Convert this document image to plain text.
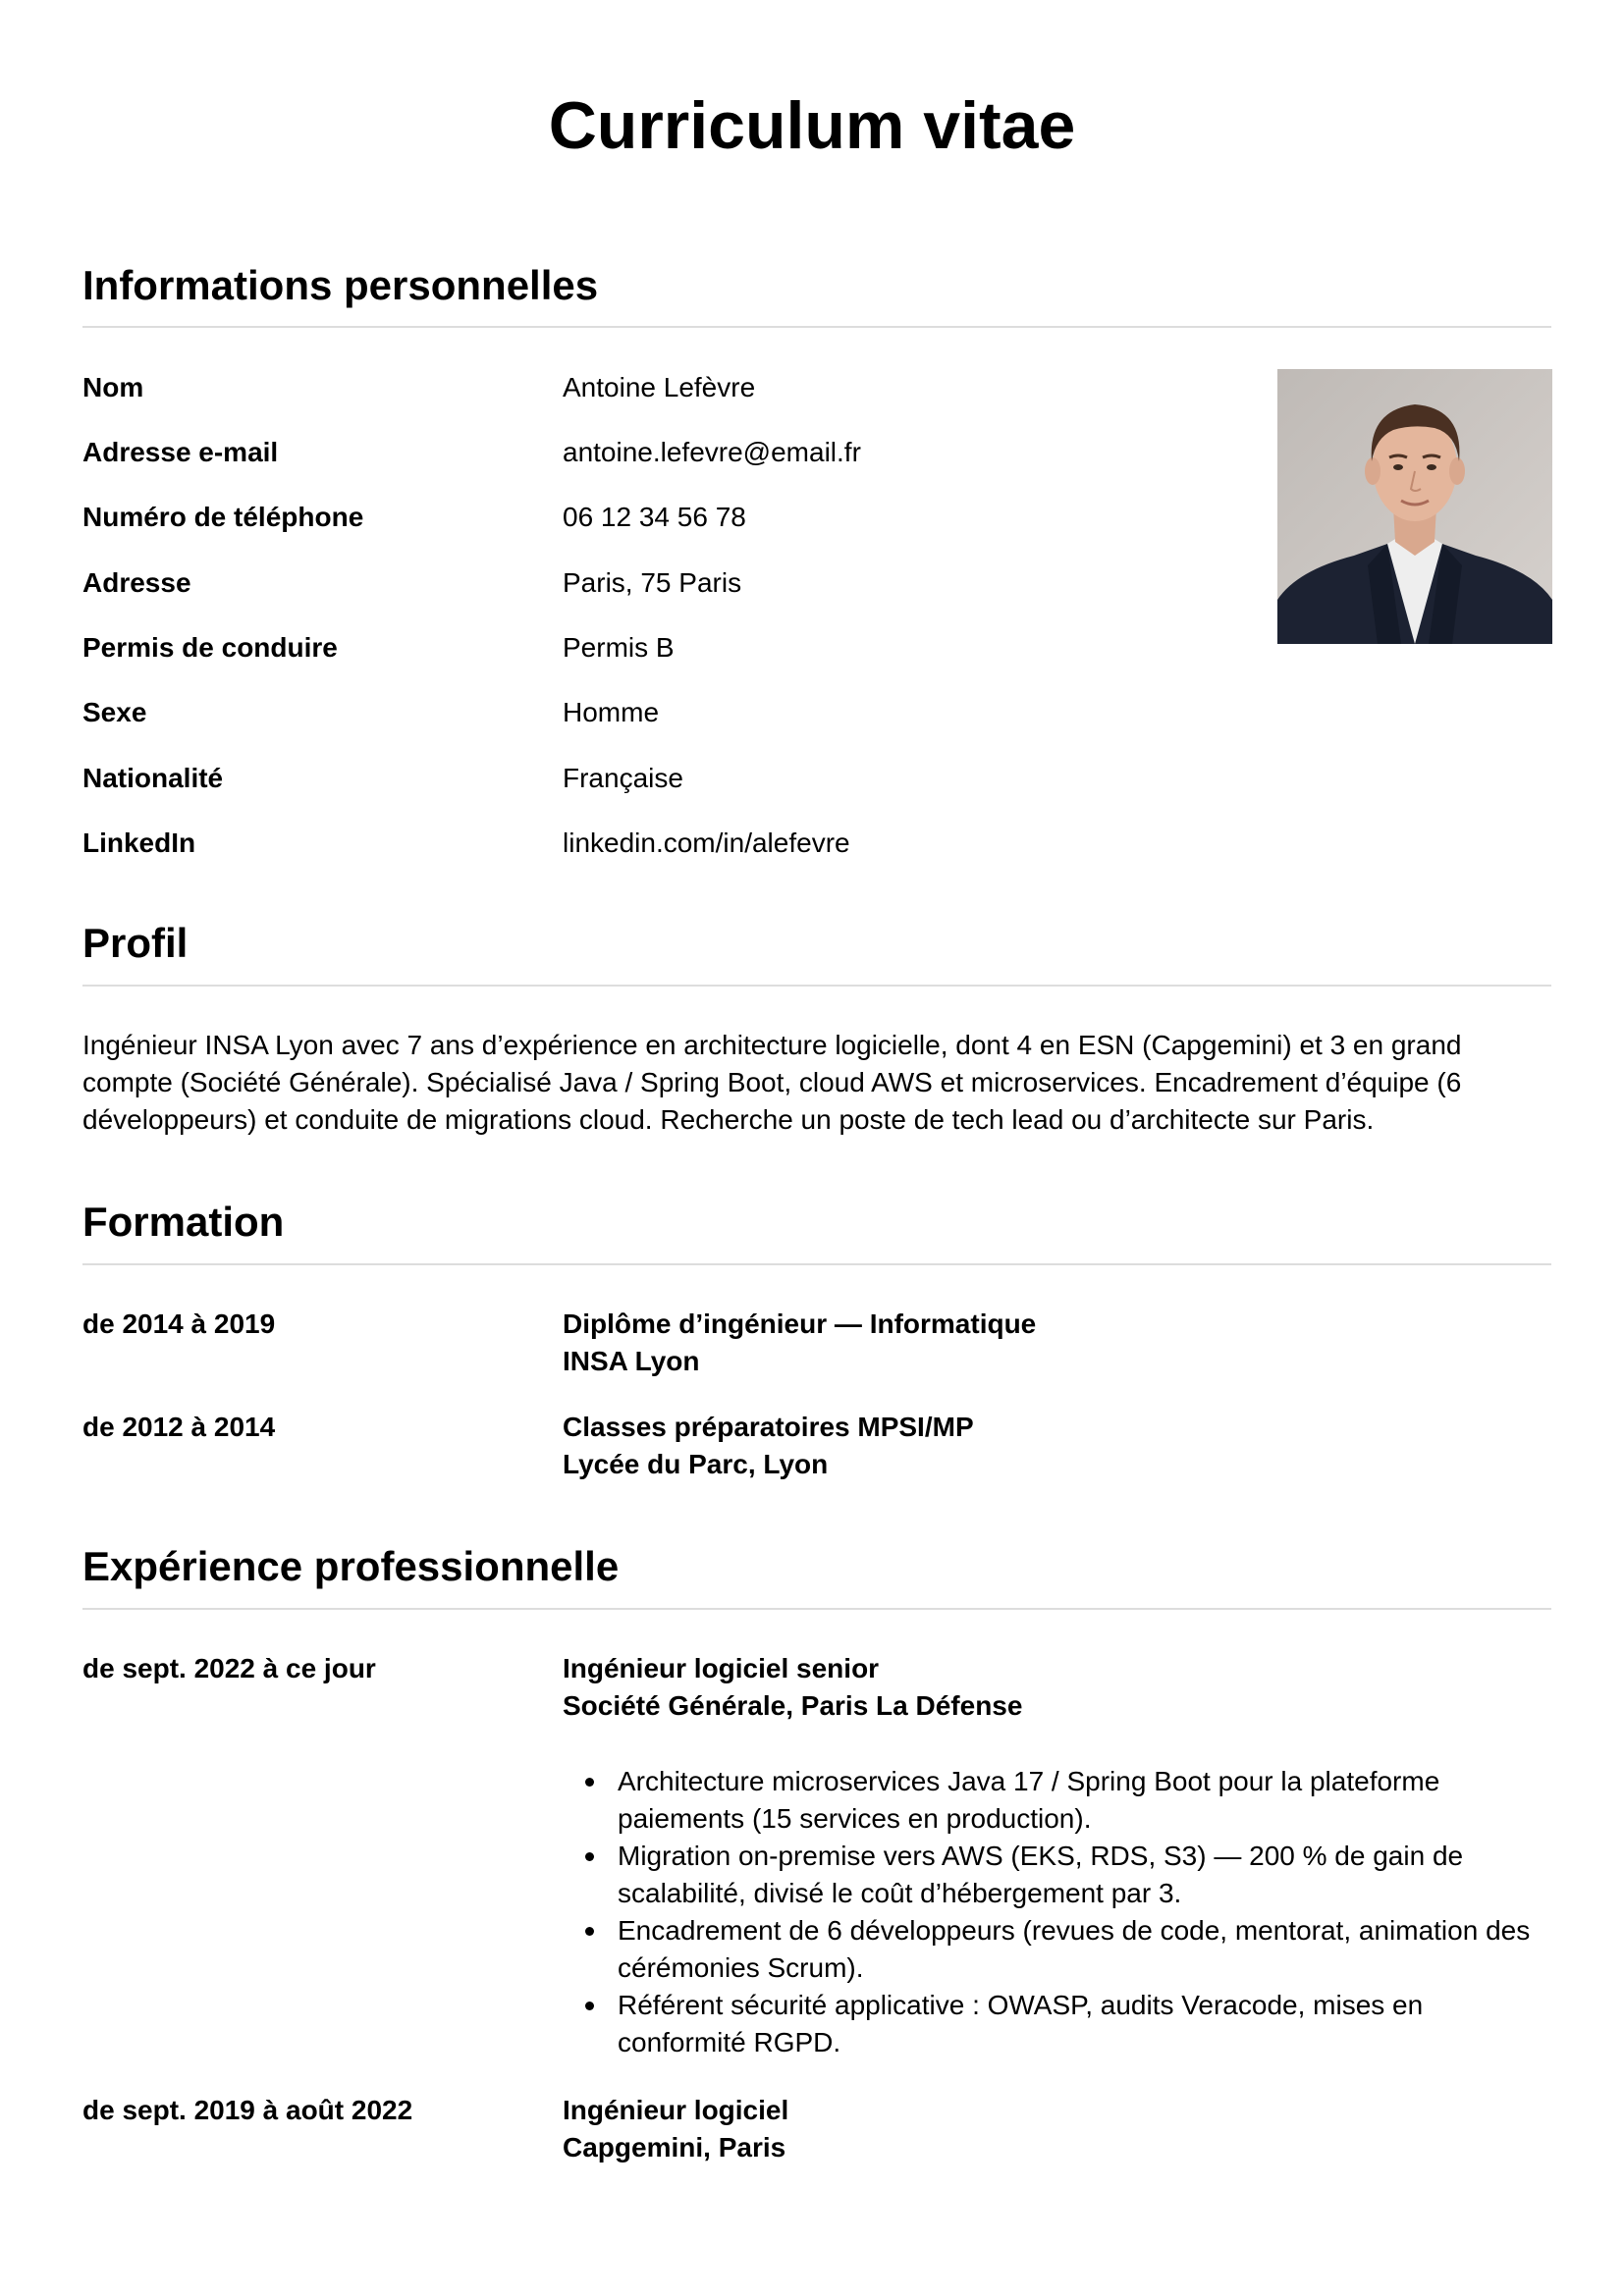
Curriculum vitae
Informations personnelles
Nom	Antoine Lefèvre
Adresse e-mail	antoine.lefevre@email.fr
Numéro de téléphone	06 12 34 56 78
Adresse	Paris, 75 Paris
Permis de conduire	Permis B
Sexe	Homme
Nationalité	Française
LinkedIn	linkedin.com/in/alefevre
Profil

Ingénieur INSA Lyon avec 7 ans d’expérience en architecture logicielle, dont 4 en ESN (Capgemini) et 3 en grand compte (Société Générale). Spécialisé Java / Spring Boot, cloud AWS et microservices. Encadrement d’équipe (6 développeurs) et conduite de migrations cloud. Recherche un poste de tech lead ou d’architecte sur Paris.

Formation
de 2014 à 2019	Diplôme d’ingénieur — Informatique
INSA Lyon
de 2012 à 2014	Classes préparatoires MPSI/MP
Lycée du Parc, Lyon
Expérience professionnelle
de sept. 2022 à ce jour	Ingénieur logiciel senior
Société Générale, Paris La Défense
Architecture microservices Java 17 / Spring Boot pour la plateforme paiements (15 services en production).
Migration on-premise vers AWS (EKS, RDS, S3) — 200 % de gain de scalabilité, divisé le coût d’hébergement par 3.
Encadrement de 6 développeurs (revues de code, mentorat, animation des cérémonies Scrum).
Référent sécurité applicative : OWASP, audits Veracode, mises en conformité RGPD.
de sept. 2019 à août 2022	Ingénieur logiciel
Capgemini, Paris
